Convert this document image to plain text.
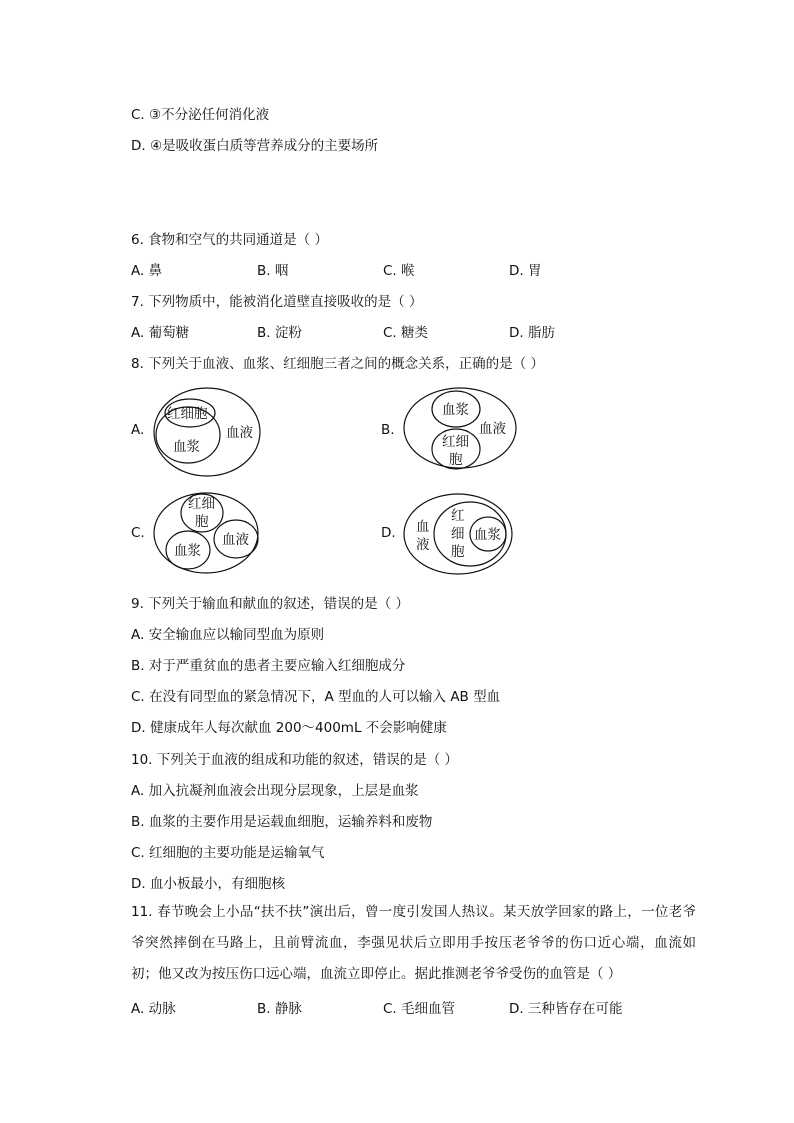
C. ③不分泌任何消化液
D. ④是吸收蛋白质等营养成分的主要场所
6. 食物和空气的共同通道是（ ）
A. 鼻	B. 咽	C. 喉	D. 胃
7. 下列物质中，能被消化道壁直接吸收的是（ ）
A. 葡萄糖	B. 淀粉	C. 糖类	D. 脂肪
8. 下列关于血液、血浆、红细胞三者之间的概念关系，正确的是（ ）
A.
红细胞
血浆
血液	B.
血浆
红细
胞
血液
C.
红细
胞
血浆
血液	D. 血
液
红
细
胞
血浆
9. 下列关于输血和献血的叙述，错误的是（ ）
A. 安全输血应以输同型血为原则
B. 对于严重贫血的患者主要应输入红细胞成分
C. 在没有同型血的紧急情况下，A 型血的人可以输入 AB 型血
D. 健康成年人每次献血 200～400mL 不会影响健康
10. 下列关于血液的组成和功能的叙述，错误的是（ ）
A. 加入抗凝剂血液会出现分层现象，上层是血浆
B. 血浆的主要作用是运载血细胞，运输养料和废物
C. 红细胞的主要功能是运输氧气
D. 血小板最小，有细胞核
11. 春节晚会上小品“扶不扶”演出后，曾一度引发国人热议。某天放学回家的路上，一位老爷爷突然摔倒在马路上，且前臂流血，李强见状后立即用手按压老爷爷的伤口近心端，血流如初；他又改为按压伤口远心端，血流立即停止。据此推测老爷爷受伤的血管是（ ）
A. 动脉	B. 静脉	C. 毛细血管	D. 三种皆存在可能
